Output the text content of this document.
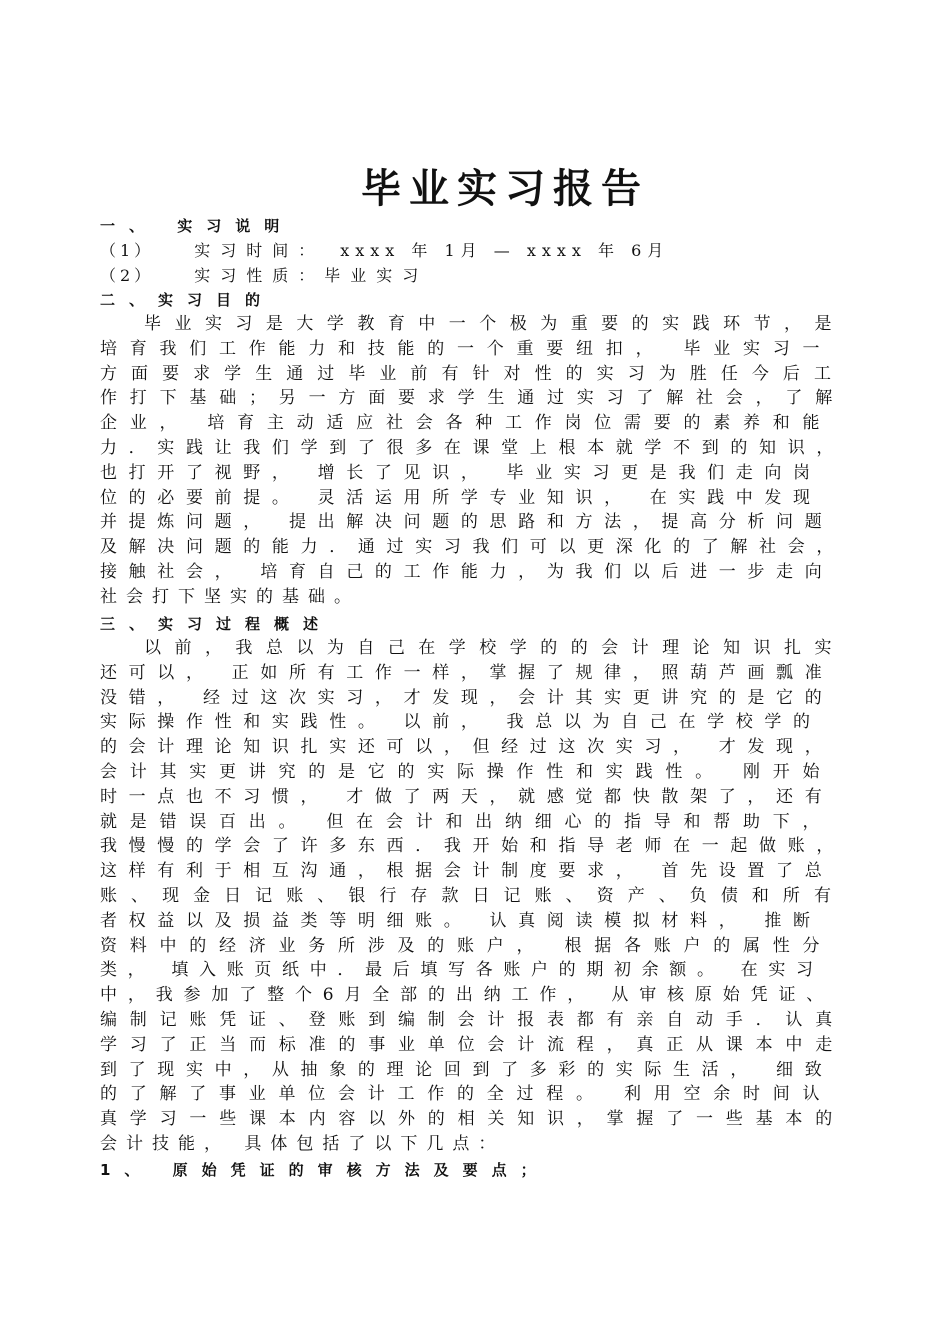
毕业实习报告
一、 实习说明
（1）	实习时间： xxxx 年 1月 — xxxx 年 6月
（2）	实习性质：毕业实习
二、实习目的
毕业实习是大学教育中一个极为重要的实践环节，是
培育我们工作能力和技能的一个重要纽扣， 毕业实习一
方面要求学生通过毕业前有针对性的实习为胜任今后工
作打下基础；另一方面要求学生通过实习了解社会，了解
企业， 培育主动适应社会各种工作岗位需要的素养和能
力．实践让我们学到了很多在课堂上根本就学不到的知识，
也打开了视野， 增长了见识， 毕业实习更是我们走向岗
位的必要前提。 灵活运用所学专业知识， 在实践中发现
并提炼问题， 提出解决问题的思路和方法，提高分析问题
及解决问题的能力．通过实习我们可以更深化的了解社会，
接触社会， 培育自己的工作能力，为我们以后进一步走向
社会打下坚实的基础。
三、实习过程概述
以前，我总以为自己在学校学的的会计理论知识扎实
还可以， 正如所有工作一样，掌握了规律，照葫芦画瓢准
没错， 经过这次实习，才发现，会计其实更讲究的是它的
实际操作性和实践性。 以前， 我总以为自己在学校学的
的会计理论知识扎实还可以，但经过这次实习， 才发现，
会计其实更讲究的是它的实际操作性和实践性。 刚开始
时一点也不习惯， 才做了两天，就感觉都快散架了，还有
就是错误百出。 但在会计和出纳细心的指导和帮助下，
我慢慢的学会了许多东西．我开始和指导老师在一起做账，
这样有利于相互沟通，根据会计制度要求， 首先设置了总
账、现金日记账、银行存款日记账、资产、负债和所有
者权益以及损益类等明细账。 认真阅读模拟材料， 推断
资料中的经济业务所涉及的账户， 根据各账户的属性分
类， 填入账页纸中．最后填写各账户的期初余额。 在实习
中，我参加了整个6月全部的出纳工作， 从审核原始凭证、
编制记账凭证、登账到编制会计报表都有亲自动手．认真
学习了正当而标准的事业单位会计流程，真正从课本中走
到了现实中，从抽象的理论回到了多彩的实际生活， 细致
的了解了事业单位会计工作的全过程。 利用空余时间认
真学习一些课本内容以外的相关知识，掌握了一些基本的
会计技能， 具体包括了以下几点：
1、 原始凭证的审核方法及要点；
